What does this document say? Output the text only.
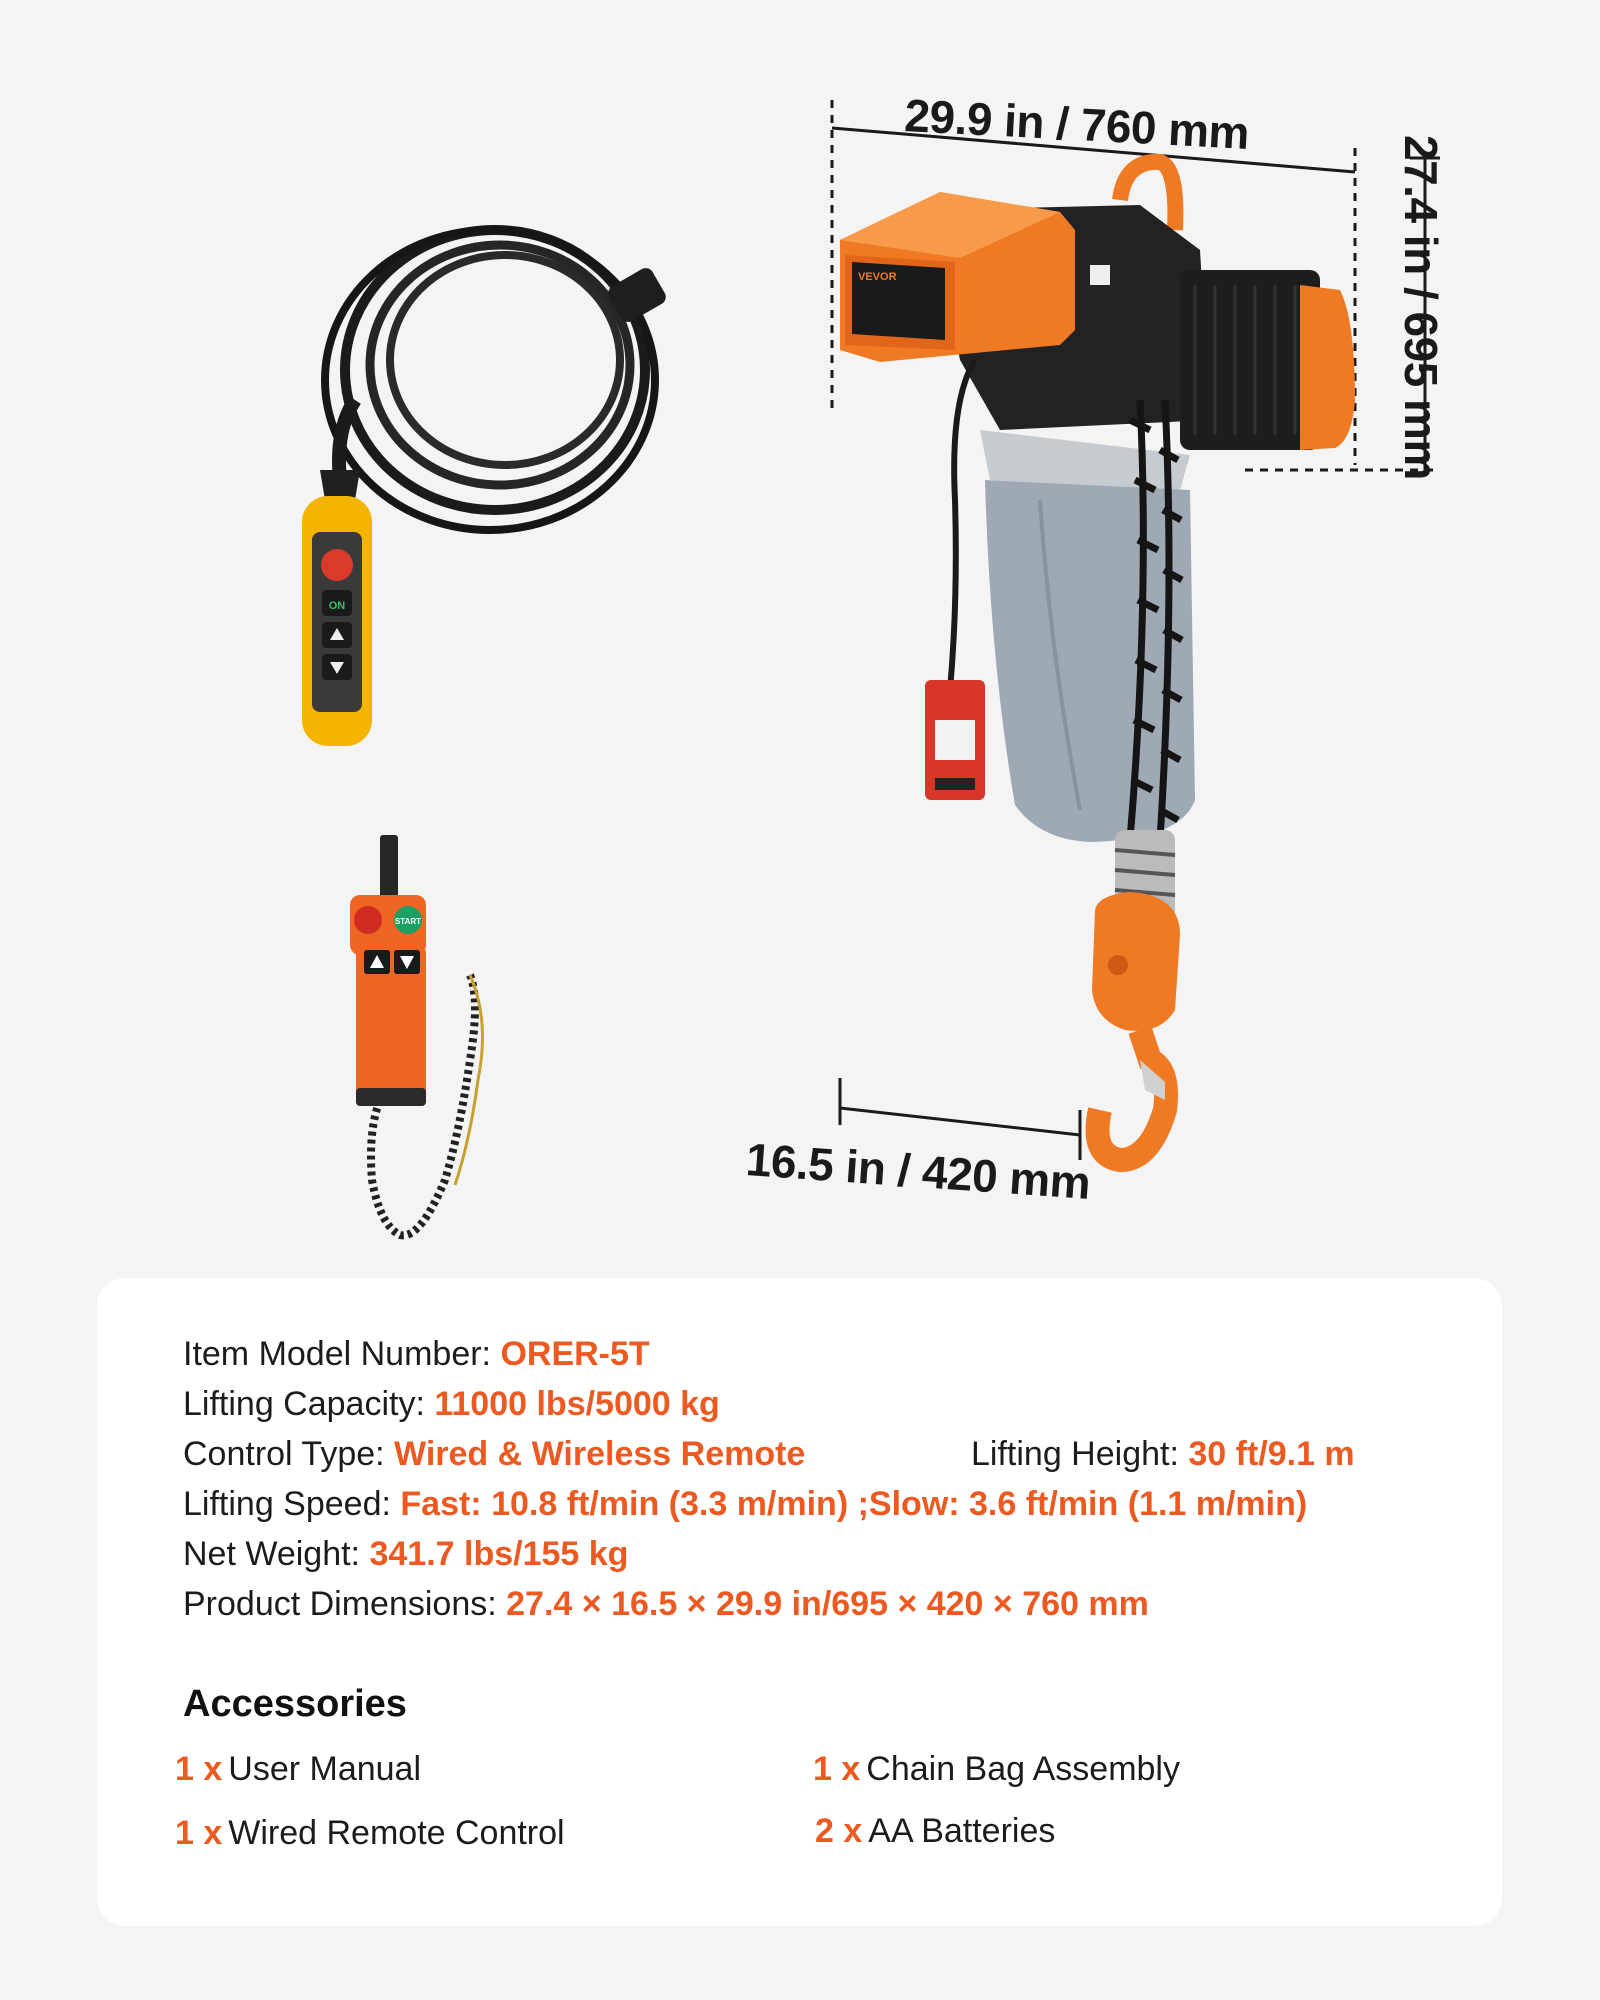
ON
START
VEVOR
29.9 in / 760 mm
27.4 in / 695 mm
16.5 in / 420 mm
Item Model Number: ORER-5T
Lifting Capacity: 11000 lbs/5000 kg
Control Type: Wired & Wireless Remote	Lifting Height: 30 ft/9.1 m
Lifting Speed: Fast: 10.8 ft/min (3.3 m/min) ;Slow: 3.6 ft/min (1.1 m/min)
Net Weight: 341.7 lbs/155 kg
Product Dimensions: 27.4 × 16.5 × 29.9 in/695 × 420 × 760 mm
Accessories
1 x User Manual	1 x Chain Bag Assembly
1 x Wired Remote Control	2 x AA Batteries
